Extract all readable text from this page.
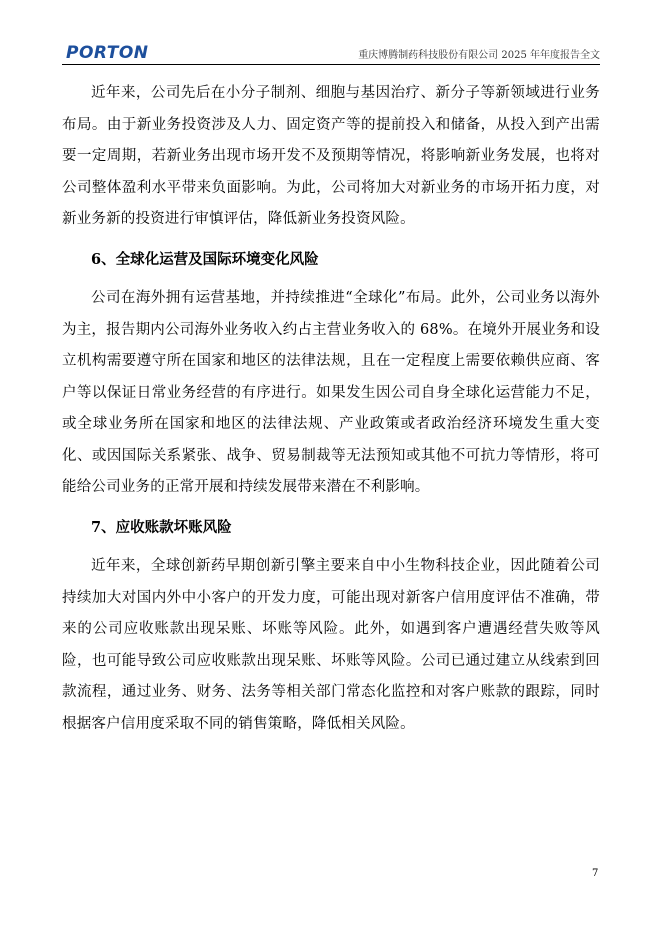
PORTON	重庆博腾制药科技股份有限公司 2025 年年度报告全文

近年来，公司先后在小分子制剂、细胞与基因治疗、新分子等新领域进行业务布局。由于新业务投资涉及人力、固定资产等的提前投入和储备，从投入到产出需要一定周期，若新业务出现市场开发不及预期等情况，将影响新业务发展，也将对公司整体盈利水平带来负面影响。为此，公司将加大对新业务的市场开拓力度，对新业务新的投资进行审慎评估，降低新业务投资风险。

6、全球化运营及国际环境变化风险

公司在海外拥有运营基地，并持续推进“全球化”布局。此外，公司业务以海外为主，报告期内公司海外业务收入约占主营业务收入的 68%。在境外开展业务和设立机构需要遵守所在国家和地区的法律法规，且在一定程度上需要依赖供应商、客户等以保证日常业务经营的有序进行。如果发生因公司自身全球化运营能力不足，或全球业务所在国家和地区的法律法规、产业政策或者政治经济环境发生重大变化、或因国际关系紧张、战争、贸易制裁等无法预知或其他不可抗力等情形，将可能给公司业务的正常开展和持续发展带来潜在不利影响。

7、应收账款坏账风险

近年来，全球创新药早期创新引擎主要来自中小生物科技企业，因此随着公司持续加大对国内外中小客户的开发力度，可能出现对新客户信用度评估不准确，带来的公司应收账款出现呆账、坏账等风险。此外，如遇到客户遭遇经营失败等风险，也可能导致公司应收账款出现呆账、坏账等风险。公司已通过建立从线索到回款流程，通过业务、财务、法务等相关部门常态化监控和对客户账款的跟踪，同时根据客户信用度采取不同的销售策略，降低相关风险。

7
